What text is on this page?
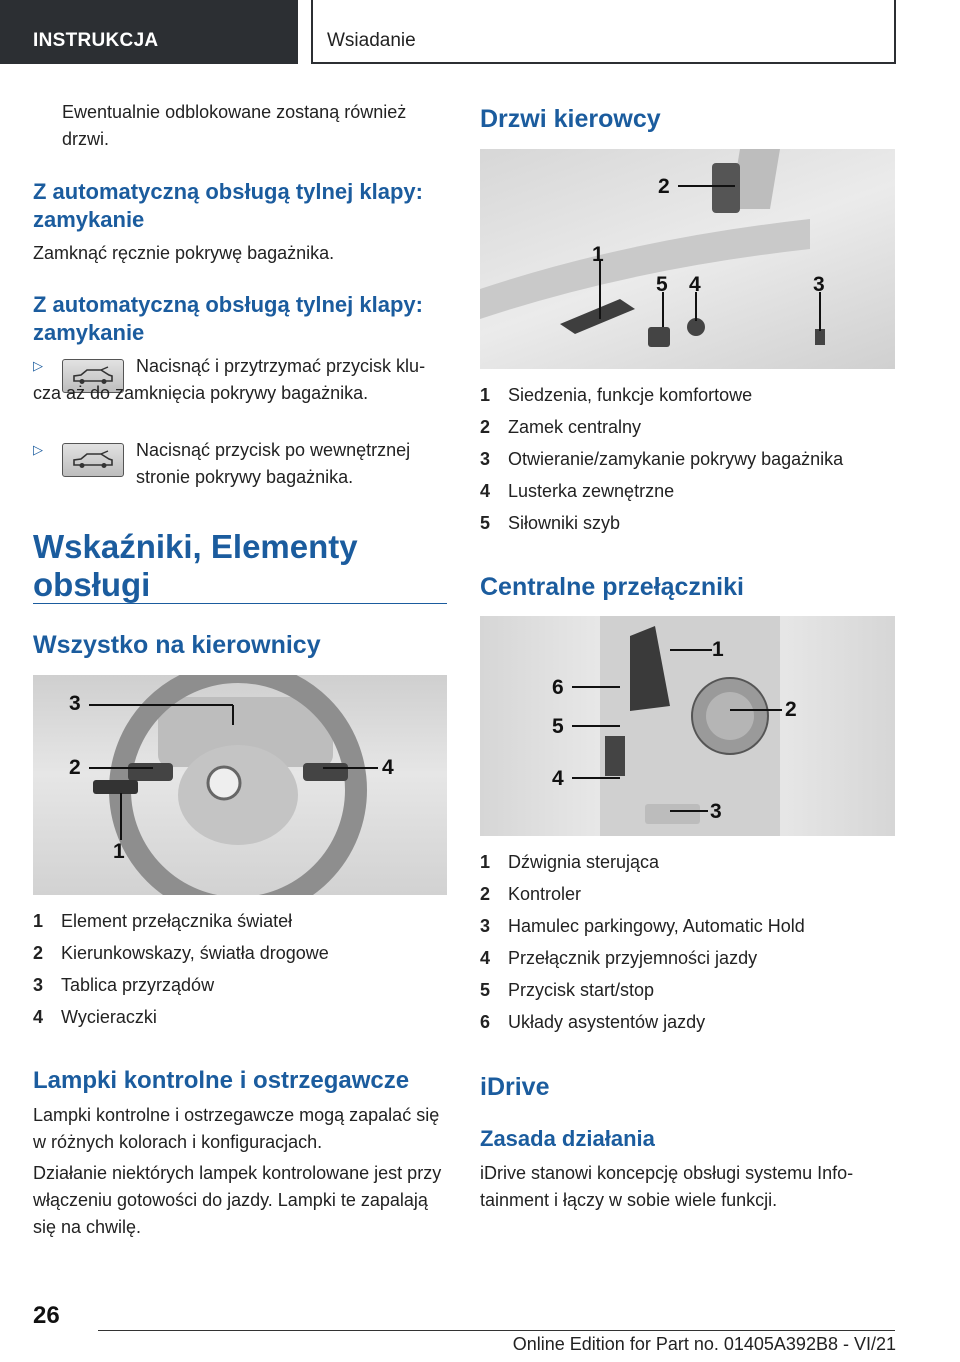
INSTRUKCJA	Wsiadanie
Ewentualnie odblokowane zostaną również drzwi.
Z automatyczną obsługą tylnej klapy: zamykanie
Zamknąć ręcznie pokrywę bagażnika.
Z automatyczną obsługą tylnej klapy: zamykanie
▷	Nacisnąć i przytrzymać przycisk klucza aż do zamknięcia pokrywy bagażnika.
▷	Nacisnąć przycisk po wewnętrznej stronie pokrywy bagażnika.
Wskaźniki, Elementy obsługi
Wszystko na kierownicy
3
2	4
1
1 Element przełącznika świateł
2 Kierunkowskazy, światła drogowe
3 Tablica przyrządów
4 Wycieraczki
Lampki kontrolne i ostrzegawcze
Lampki kontrolne i ostrzegawcze mogą zapalać się w różnych kolorach i konfiguracjach.
Działanie niektórych lampek kontrolowane jest przy włączeniu gotowości do jazdy. Lampki te zapalają się na chwilę.
Drzwi kierowcy
2
1
5 4	3
1 Siedzenia, funkcje komfortowe
2 Zamek centralny
3 Otwieranie/zamykanie pokrywy bagażnika
4 Lusterka zewnętrzne
5 Siłowniki szyb
Centralne przełączniki
1
6
5
2
4
3
1 Dźwignia sterująca
2 Kontroler
3 Hamulec parkingowy, Automatic Hold
4 Przełącznik przyjemności jazdy
5 Przycisk start/stop
6 Układy asystentów jazdy
iDrive
Zasada działania
iDrive stanowi koncepcję obsługi systemu Infotainment i łączy w sobie wiele funkcji.
26
Online Edition for Part no. 01405A392B8 - VI/21
